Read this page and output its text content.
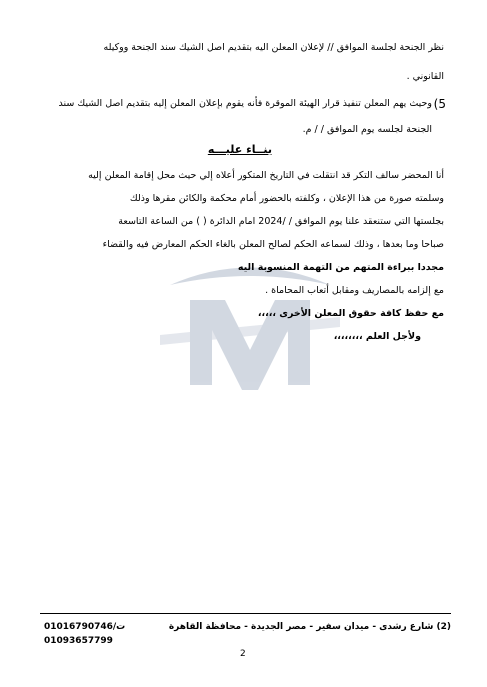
نظر الجنحة لجلسة الموافق // لإعلان المعلن اليه بتقديم اصل الشيك سند الجنحة ووكيله
القانوني .
5)
وحيث يهم المعلن تنفيذ قرار الهيئة الموقرة فأنه يقوم بإعلان المعلن إليه بتقديم اصل الشيك سند
الجنحة لجلسه يوم الموافق / / م.
بنــاء عليـــه
أنا المحضر سالف التكر قد انتقلت في التاريخ المتكور أعلاه إلي حيث محل إقامة المعلن إليه
وسلمته صورة من هذا الإعلان ، وكلفته بالحضور أمام محكمة والكائن مقرها وذلك
بجلستها التي ستنعقد علنا يوم الموافق / /2024 امام الدائرة ( ) من الساعة التاسعة
صباحا وما بعدها ، وذلك لسماعه الحكم لصالح المعلن بالغاء الحكم المعارض فيه والقضاء
مجددا ببراءة المتهم من التهمة المنسوبة اليه
مع إلزامه بالمصاريف ومقابل أتعاب المحاماة .
مع حفظ كافة حقوق المعلن الأخرى ،،،،،
ولأجل العلم ،،،،،،،،
(2) شارع رشدى - ميدان سفير - مصر الجديدة - محافظة القاهرة
ت/01016790746
01093657799
2
